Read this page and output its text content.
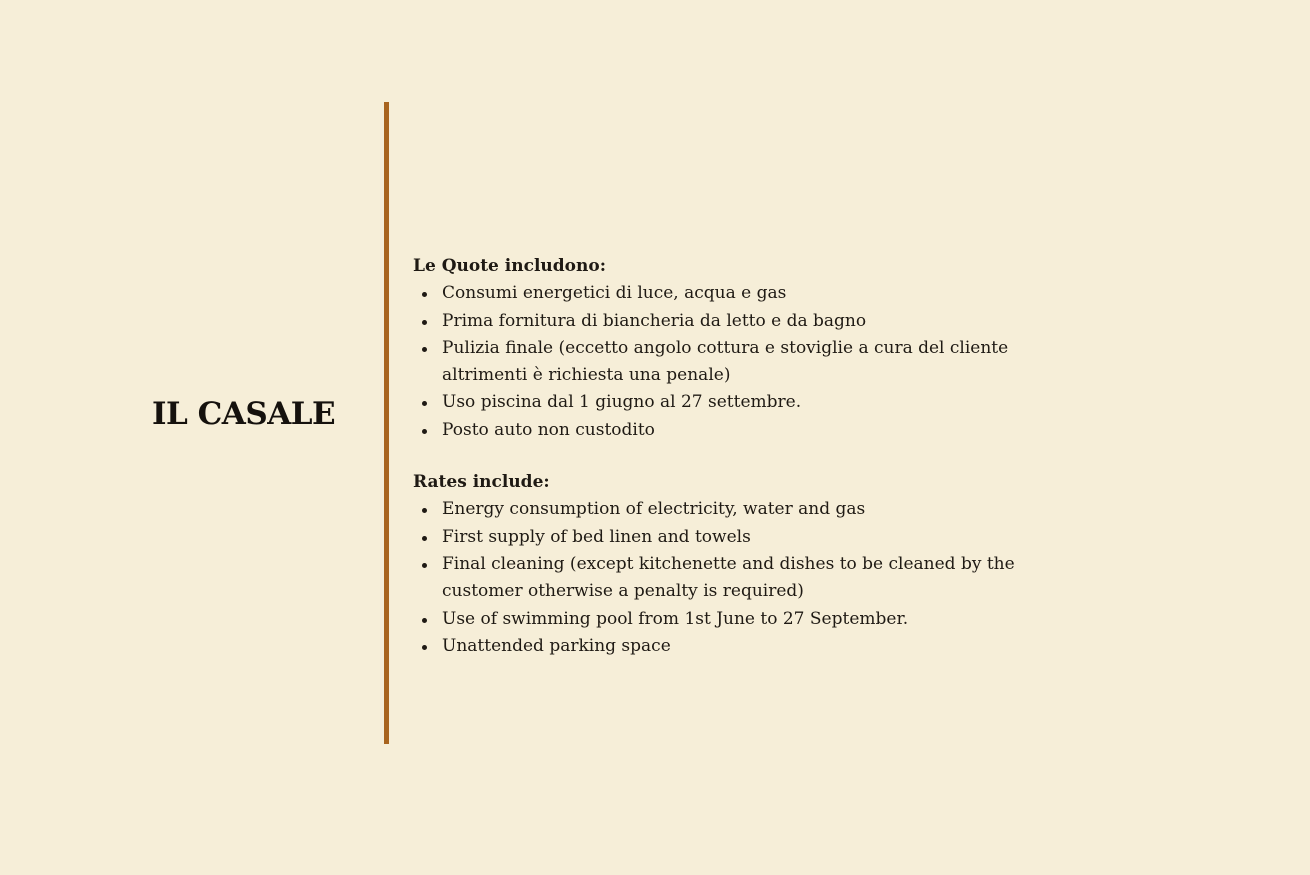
IL CASALE
Le Quote includono:
Consumi energetici di luce, acqua e gas
Prima fornitura di biancheria da letto e da bagno
Pulizia finale (eccetto angolo cottura e stoviglie a cura del cliente altrimenti è richiesta una penale)
Uso piscina dal 1 giugno al 27 settembre.
Posto auto non custodito
Rates include:
Energy consumption of electricity, water and gas
First supply of bed linen and towels
Final cleaning (except kitchenette and dishes to be cleaned by the customer otherwise a penalty is required)
Use of swimming pool from 1st June to 27 September.
Unattended parking space
